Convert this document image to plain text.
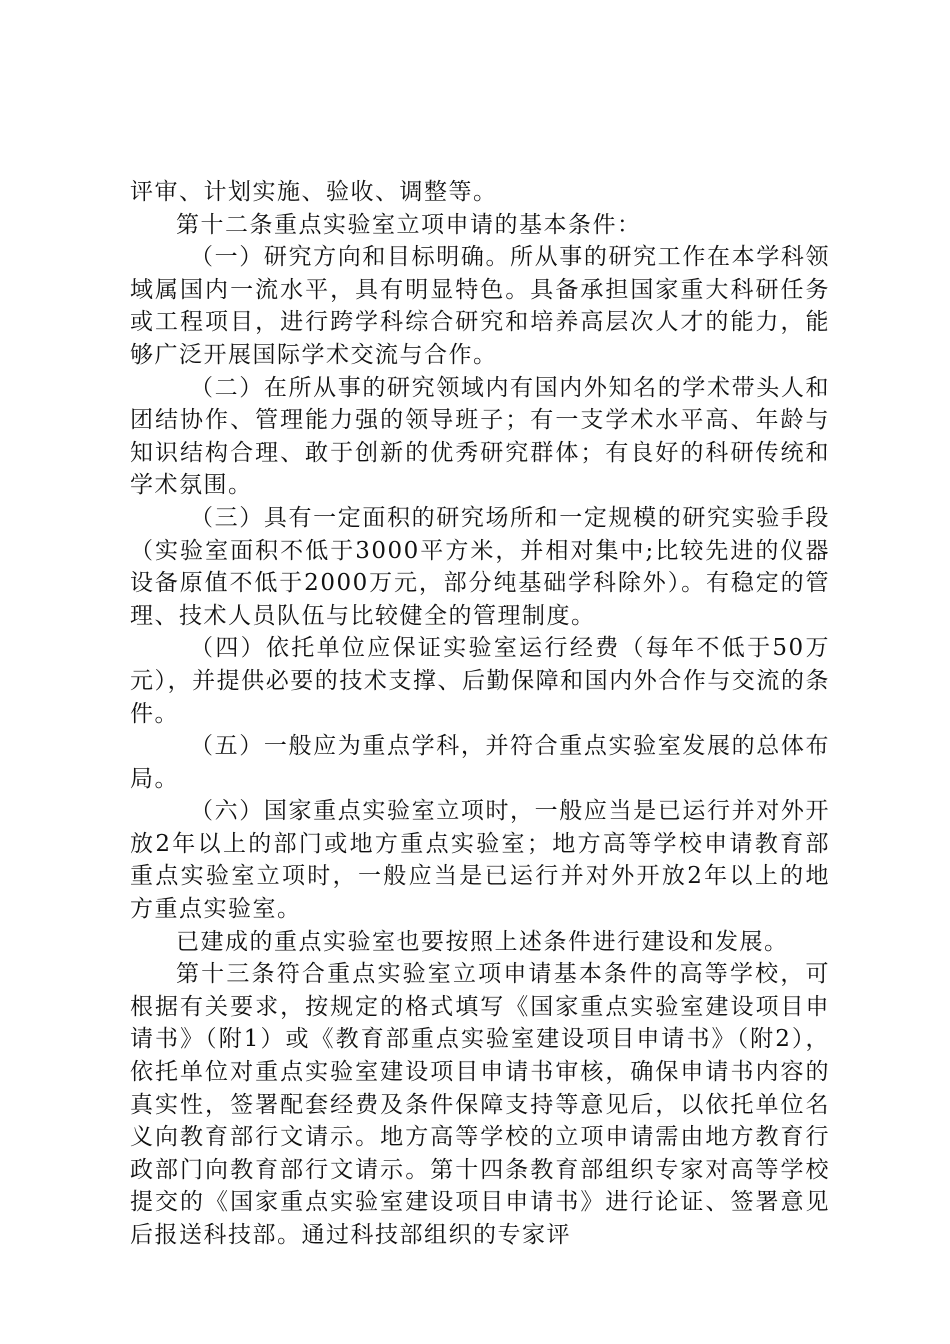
评审、计划实施、验收、调整等。

第十二条重点实验室立项申请的基本条件：

（一）研究方向和目标明确。所从事的研究工作在本学科领域属国内一流水平，具有明显特色。具备承担国家重大科研任务或工程项目，进行跨学科综合研究和培养高层次人才的能力，能够广泛开展国际学术交流与合作。

（二）在所从事的研究领域内有国内外知名的学术带头人和团结协作、管理能力强的领导班子；有一支学术水平高、年龄与知识结构合理、敢于创新的优秀研究群体；有良好的科研传统和学术氛围。

（三）具有一定面积的研究场所和一定规模的研究实验手段（实验室面积不低于3000平方米，并相对集中;比较先进的仪器设备原值不低于2000万元，部分纯基础学科除外）。有稳定的管理、技术人员队伍与比较健全的管理制度。

（四）依托单位应保证实验室运行经费（每年不低于50万元），并提供必要的技术支撑、后勤保障和国内外合作与交流的条件。

（五）一般应为重点学科，并符合重点实验室发展的总体布局。

（六）国家重点实验室立项时，一般应当是已运行并对外开放2年以上的部门或地方重点实验室；地方高等学校申请教育部重点实验室立项时，一般应当是已运行并对外开放2年以上的地方重点实验室。

已建成的重点实验室也要按照上述条件进行建设和发展。

第十三条符合重点实验室立项申请基本条件的高等学校，可根据有关要求，按规定的格式填写《国家重点实验室建设项目申请书》（附1）或《教育部重点实验室建设项目申请书》（附2），依托单位对重点实验室建设项目申请书审核，确保申请书内容的真实性，签署配套经费及条件保障支持等意见后，以依托单位名义向教育部行文请示。地方高等学校的立项申请需由地方教育行政部门向教育部行文请示。第十四条教育部组织专家对高等学校提交的《国家重点实验室建设项目申请书》进行论证、签署意见后报送科技部。通过科技部组织的专家评
